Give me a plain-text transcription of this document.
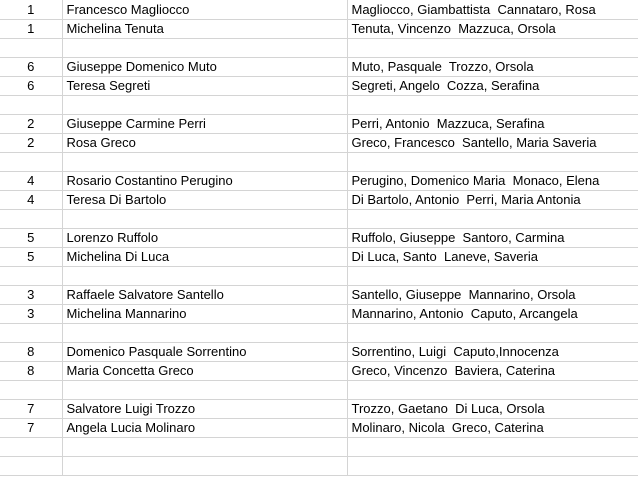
1	Francesco Magliocco	Magliocco, Giambattista  Cannataro, Rosa
1	Michelina Tenuta	Tenuta, Vincenzo  Mazzuca, Orsola

6	Giuseppe Domenico Muto	Muto, Pasquale  Trozzo, Orsola
6	Teresa Segreti	Segreti, Angelo  Cozza, Serafina

2	Giuseppe Carmine Perri	Perri, Antonio  Mazzuca, Serafina
2	Rosa Greco	Greco, Francesco  Santello, Maria Saveria

4	Rosario Costantino Perugino	Perugino, Domenico Maria  Monaco, Elena
4	Teresa Di Bartolo	Di Bartolo, Antonio  Perri, Maria Antonia

5	Lorenzo Ruffolo	Ruffolo, Giuseppe  Santoro, Carmina
5	Michelina Di Luca	Di Luca, Santo  Laneve, Saveria

3	Raffaele Salvatore Santello	Santello, Giuseppe  Mannarino, Orsola
3	Michelina Mannarino	Mannarino, Antonio  Caputo, Arcangela

8	Domenico Pasquale Sorrentino	Sorrentino, Luigi  Caputo,Innocenza
8	Maria Concetta Greco	Greco, Vincenzo  Baviera, Caterina

7	Salvatore Luigi Trozzo	Trozzo, Gaetano  Di Luca, Orsola
7	Angela Lucia Molinaro	Molinaro, Nicola  Greco, Caterina
